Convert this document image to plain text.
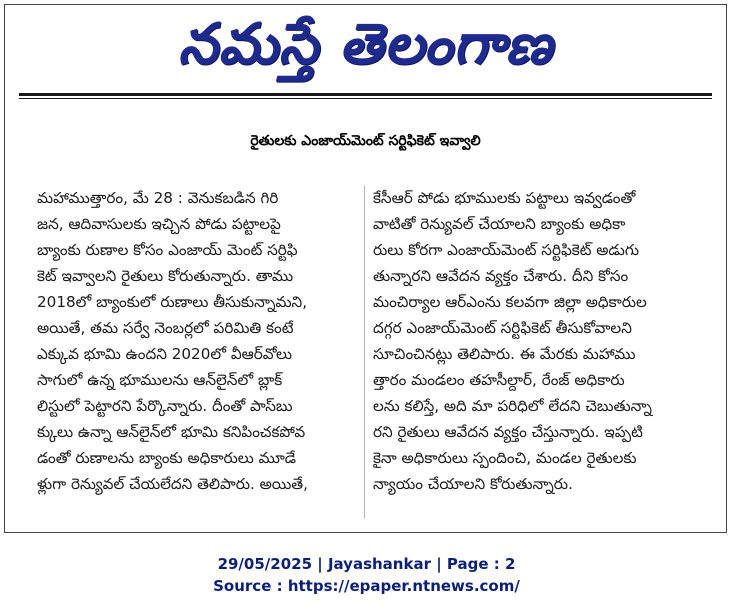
నమస్తే తెలంగాణ
రైతులకు ఎంజాయ్‌మెంట్ సర్టిఫికెట్ ఇవ్వాలి
మహాముత్తారం, మే 28 : వెనుకబడిన గిరి
జన, ఆదివాసులకు ఇచ్చిన పోడు పట్టాలపై
బ్యాంకు రుణాల కోసం ఎంజాయ్ మెంట్ సర్టిఫి
కెట్ ఇవ్వాలని రైతులు కోరుతున్నారు. తాము
2018లో బ్యాంకులో రుణాలు తీసుకున్నామని,
అయితే, తమ సర్వే నెంబర్లలో పరిమితి కంటే
ఎక్కువ భూమి ఉందని 2020లో వీఆర్‌వోలు
సాగులో ఉన్న భూములను ఆన్‌లైన్‌లో బ్లాక్
లిస్టులో పెట్టారని పేర్కొన్నారు. దీంతో పాస్‌బు
క్కులు ఉన్నా ఆన్‌లైన్‌లో భూమి కనిపించకపోవ
డంతో రుణాలను బ్యాంకు అధికారులు మూడే
ళ్లుగా రెన్యువల్ చేయలేదని తెలిపారు. అయితే,
కేసీఆర్ పోడు భూములకు పట్టాలు ఇవ్వడంతో
వాటితో రెన్యువల్ చేయాలని బ్యాంకు అధికా
రులు కోరగా ఎంజాయ్‌మెంట్ సర్టిఫికెట్ అడుగు
తున్నారని ఆవేదన వ్యక్తం చేశారు. దీని కోసం
మంచిర్యాల ఆర్ఎంను కలవగా జిల్లా అధికారుల
దగ్గర ఎంజాయ్‌మెంట్ సర్టిఫికెట్ తీసుకోవాలని
సూచించినట్లు తెలిపారు. ఈ మేరకు మహాము
త్తారం మండలం తహసీల్దార్, రేంజ్ అధికారు
లను కలిస్తే, అది మా పరిధిలో లేదని చెబుతున్నా
రని రైతులు ఆవేదన వ్యక్తం చేస్తున్నారు. ఇప్పటి
కైనా అధికారులు స్పందించి, మండల రైతులకు
న్యాయం చేయాలని కోరుతున్నారు.
29/05/2025 | Jayashankar | Page : 2
Source : https://epaper.ntnews.com/
